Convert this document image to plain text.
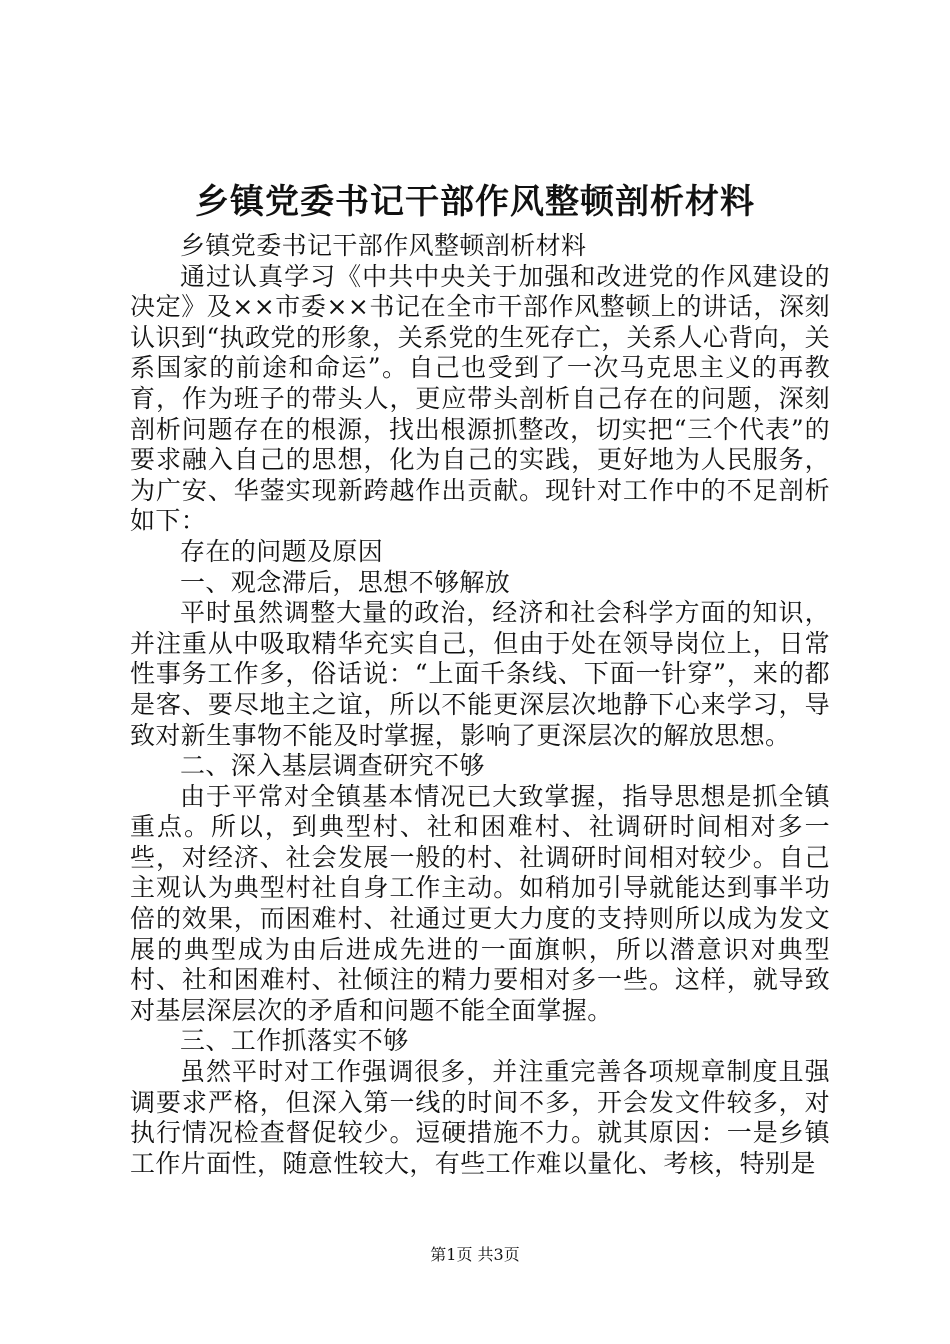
乡镇党委书记干部作风整顿剖析材料

乡镇党委书记干部作风整顿剖析材料

通过认真学习《中共中央关于加强和改进党的作风建设的决定》及××市委××书记在全市干部作风整顿上的讲话，深刻认识到“执政党的形象，关系党的生死存亡，关系人心背向，关系国家的前途和命运”。自己也受到了一次马克思主义的再教育，作为班子的带头人，更应带头剖析自己存在的问题，深刻剖析问题存在的根源，找出根源抓整改，切实把“三个代表”的要求融入自己的思想，化为自己的实践，更好地为人民服务，为广安、华蓥实现新跨越作出贡献。现针对工作中的不足剖析如下：

存在的问题及原因

一、观念滞后，思想不够解放

平时虽然调整大量的政治，经济和社会科学方面的知识，并注重从中吸取精华充实自己，但由于处在领导岗位上，日常性事务工作多，俗话说：“上面千条线、下面一针穿”，来的都是客、要尽地主之谊，所以不能更深层次地静下心来学习，导致对新生事物不能及时掌握，影响了更深层次的解放思想。

二、深入基层调查研究不够

由于平常对全镇基本情况已大致掌握，指导思想是抓全镇重点。所以，到典型村、社和困难村、社调研时间相对多一些，对经济、社会发展一般的村、社调研时间相对较少。自己主观认为典型村社自身工作主动。如稍加引导就能达到事半功倍的效果，而困难村、社通过更大力度的支持则所以成为发文展的典型成为由后进成先进的一面旗帜，所以潜意识对典型村、社和困难村、社倾注的精力要相对多一些。这样，就导致对基层深层次的矛盾和问题不能全面掌握。

三、工作抓落实不够

虽然平时对工作强调很多，并注重完善各项规章制度且强调要求严格，但深入第一线的时间不多，开会发文件较多，对执行情况检查督促较少。逗硬措施不力。就其原因：一是乡镇工作片面性，随意性较大，有些工作难以量化、考核，特别是

第1页 共3页
